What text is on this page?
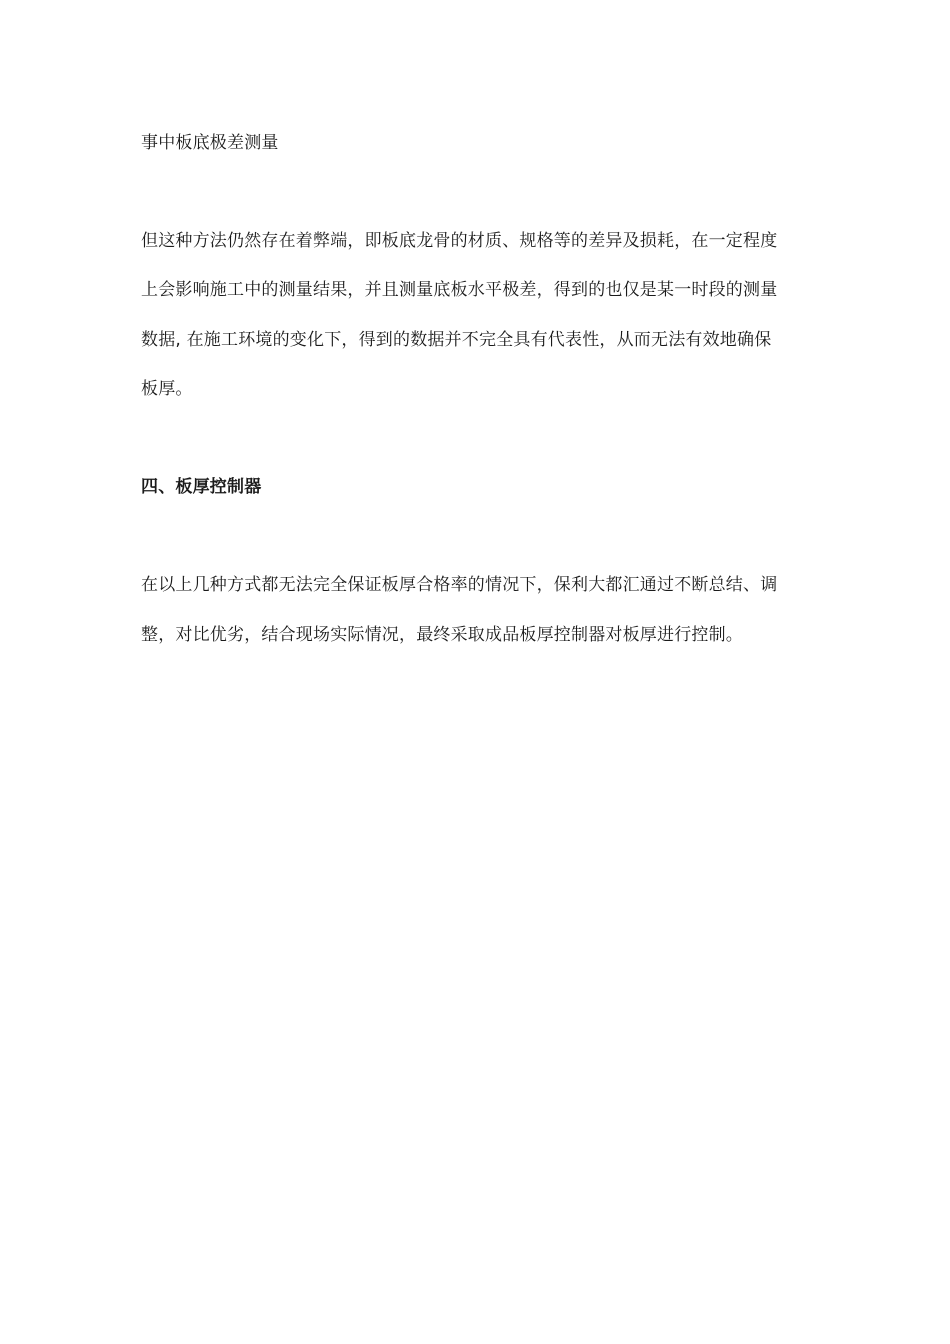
事中板底极差测量
但这种方法仍然存在着弊端，即板底龙骨的材质、规格等的差异及损耗，在一定程度
上会影响施工中的测量结果，并且测量底板水平极差，得到的也仅是某一时段的测量
数据, 在施工环境的变化下，得到的数据并不完全具有代表性，从而无法有效地确保
板厚。
四、板厚控制器
在以上几种方式都无法完全保证板厚合格率的情况下，保利大都汇通过不断总结、调
整，对比优劣，结合现场实际情况，最终采取成品板厚控制器对板厚进行控制。
